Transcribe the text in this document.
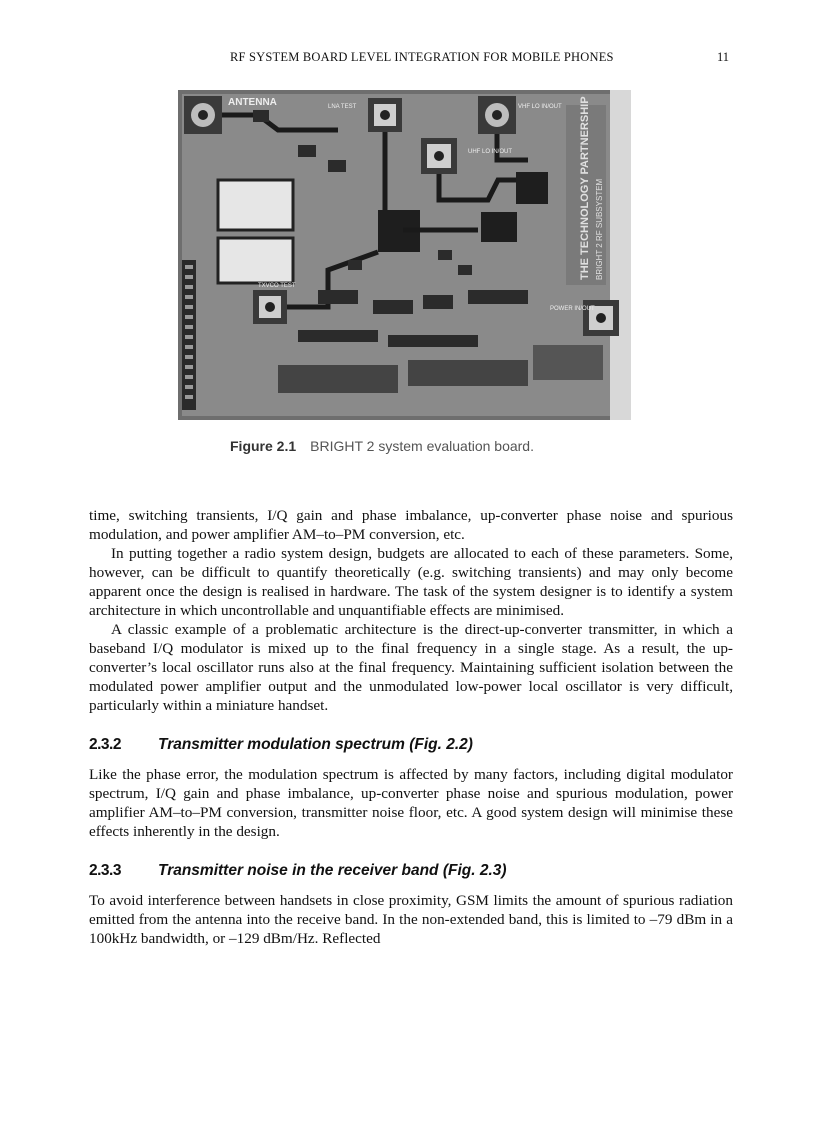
RF SYSTEM BOARD LEVEL INTEGRATION FOR MOBILE PHONES	11
THE TECHNOLOGY PARTNERSHIP BRIGHT 2 RF SUBSYSTEM
ANTENNA	LNA TEST	VHF LO IN/OUT
UHF LO IN/OUT
TXVCO TEST
POWER IN/OUT
Figure 2.1 BRIGHT 2 system evaluation board.

time, switching transients, I/Q gain and phase imbalance, up-converter phase noise and spurious modulation, and power amplifier AM–to–PM conversion, etc.

In putting together a radio system design, budgets are allocated to each of these parameters. Some, however, can be difficult to quantify theoretically (e.g. switching transients) and may only become apparent once the design is realised in hardware. The task of the system designer is to identify a system architecture in which uncontrollable and unquantifiable effects are minimised.

A classic example of a problematic architecture is the direct-up-converter transmitter, in which a baseband I/Q modulator is mixed up to the final frequency in a single stage. As a result, the up-converter’s local oscillator runs also at the final frequency. Maintaining sufficient isolation between the modulated power amplifier output and the unmodulated low-power local oscillator is very difficult, particularly within a miniature handset.

2.3.2 Transmitter modulation spectrum (Fig. 2.2)

Like the phase error, the modulation spectrum is affected by many factors, including digital modulator spectrum, I/Q gain and phase imbalance, up-converter phase noise and spurious modulation, power amplifier AM–to–PM conversion, transmitter noise floor, etc. A good system design will minimise these effects inherently in the design.

2.3.3 Transmitter noise in the receiver band (Fig. 2.3)

To avoid interference between handsets in close proximity, GSM limits the amount of spurious radiation emitted from the antenna into the receive band. In the non-extended band, this is limited to –79 dBm in a 100kHz bandwidth, or –129 dBm/Hz. Reflected
